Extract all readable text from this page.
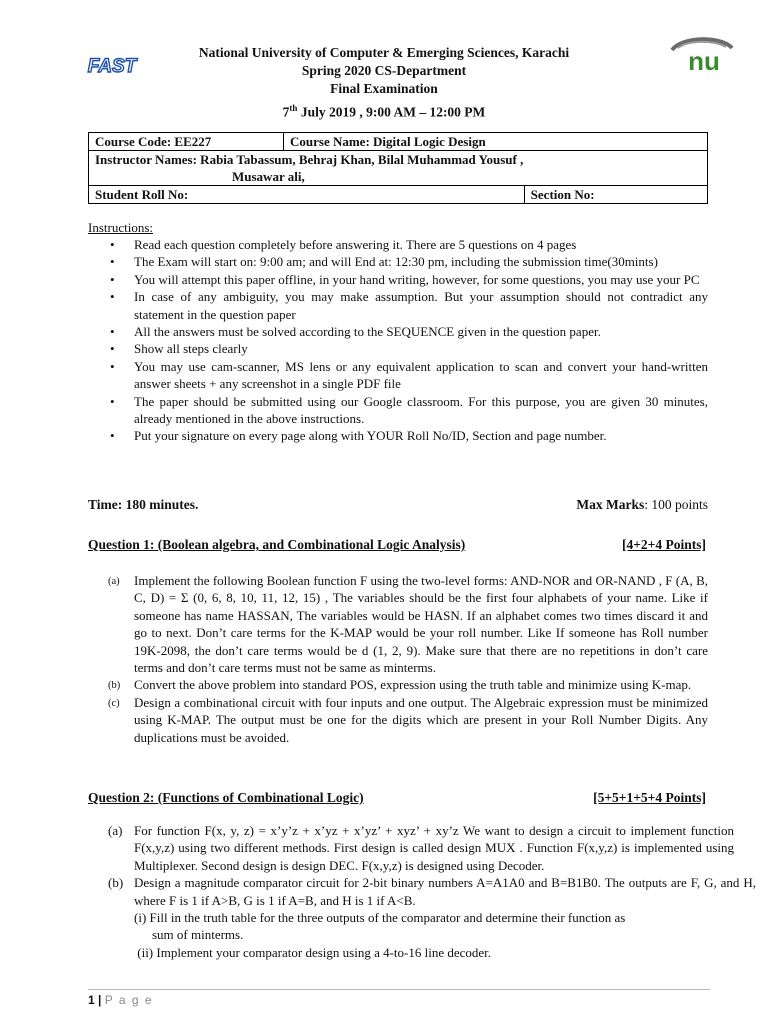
FAST	nu
National University of Computer & Emerging Sciences, Karachi
Spring 2020 CS-Department
Final Examination
7th July 2019 , 9:00 AM – 12:00 PM
Course Code: EE227	Course Name: Digital Logic Design	

Instructor Names: Rabia Tabassum, Behraj Khan, Bilal Muhammad Yousuf ,
Musawar ali,		

Student Roll No:		Section No:
Instructions:
• Read each question completely before answering it. There are 5 questions on 4 pages
• The Exam will start on: 9:00 am; and will End at: 12:30 pm, including the submission time(30mints)
• You will attempt this paper offline, in your hand writing, however, for some questions, you may use your PC
• In case of any ambiguity, you may make assumption. But your assumption should not contradict any statement in the question paper
• All the answers must be solved according to the SEQUENCE given in the question paper.
• Show all steps clearly
• You may use cam-scanner, MS lens or any equivalent application to scan and convert your hand-written answer sheets + any screenshot in a single PDF file
• The paper should be submitted using our Google classroom. For this purpose, you are given 30 minutes, already mentioned in the above instructions.
• Put your signature on every page along with YOUR Roll No/ID, Section and page number.
Time: 180 minutes.	Max Marks: 100 points
Question 1: (Boolean algebra, and Combinational Logic Analysis)	[4+2+4 Points]
(a) Implement the following Boolean function F using the two-level forms: AND-NOR and OR-NAND , F (A, B, C, D) = Σ (0, 6, 8, 10, 11, 12, 15) , The variables should be the first four alphabets of your name. Like if someone has name HASSAN, The variables would be HASN. If an alphabet comes two times discard it and go to next. Don’t care terms for the K-MAP would be your roll number. Like If someone has Roll number 19K-2098, the don’t care terms would be d (1, 2, 9). Make sure that there are no repetitions in don’t care terms and don’t care terms must not be same as minterms.
(b) Convert the above problem into standard POS, expression using the truth table and minimize using K-map.
(c) Design a combinational circuit with four inputs and one output. The Algebraic expression must be minimized using K-MAP. The output must be one for the digits which are present in your Roll Number Digits. Any duplications must be avoided.
Question 2: (Functions of Combinational Logic)	[5+5+1+5+4 Points]
(a) For function F(x, y, z) = x’y’z + x’yz + x’yz’ + xyz’ + xy’z We want to design a circuit to implement function F(x,y,z) using two different methods. First design is called design MUX . Function F(x,y,z) is implemented using Multiplexer. Second design is design DEC. F(x,y,z) is designed using Decoder.
(b) Design a magnitude comparator circuit for 2-bit binary numbers A=A1A0 and B=B1B0. The outputs are F, G, and H, where F is 1 if A>B, G is 1 if A=B, and H is 1 if A<B.
(i) Fill in the truth table for the three outputs of the comparator and determine their function as
sum of minterms.
(ii) Implement your comparator design using a 4-to-16 line decoder.
1 | P a g e
